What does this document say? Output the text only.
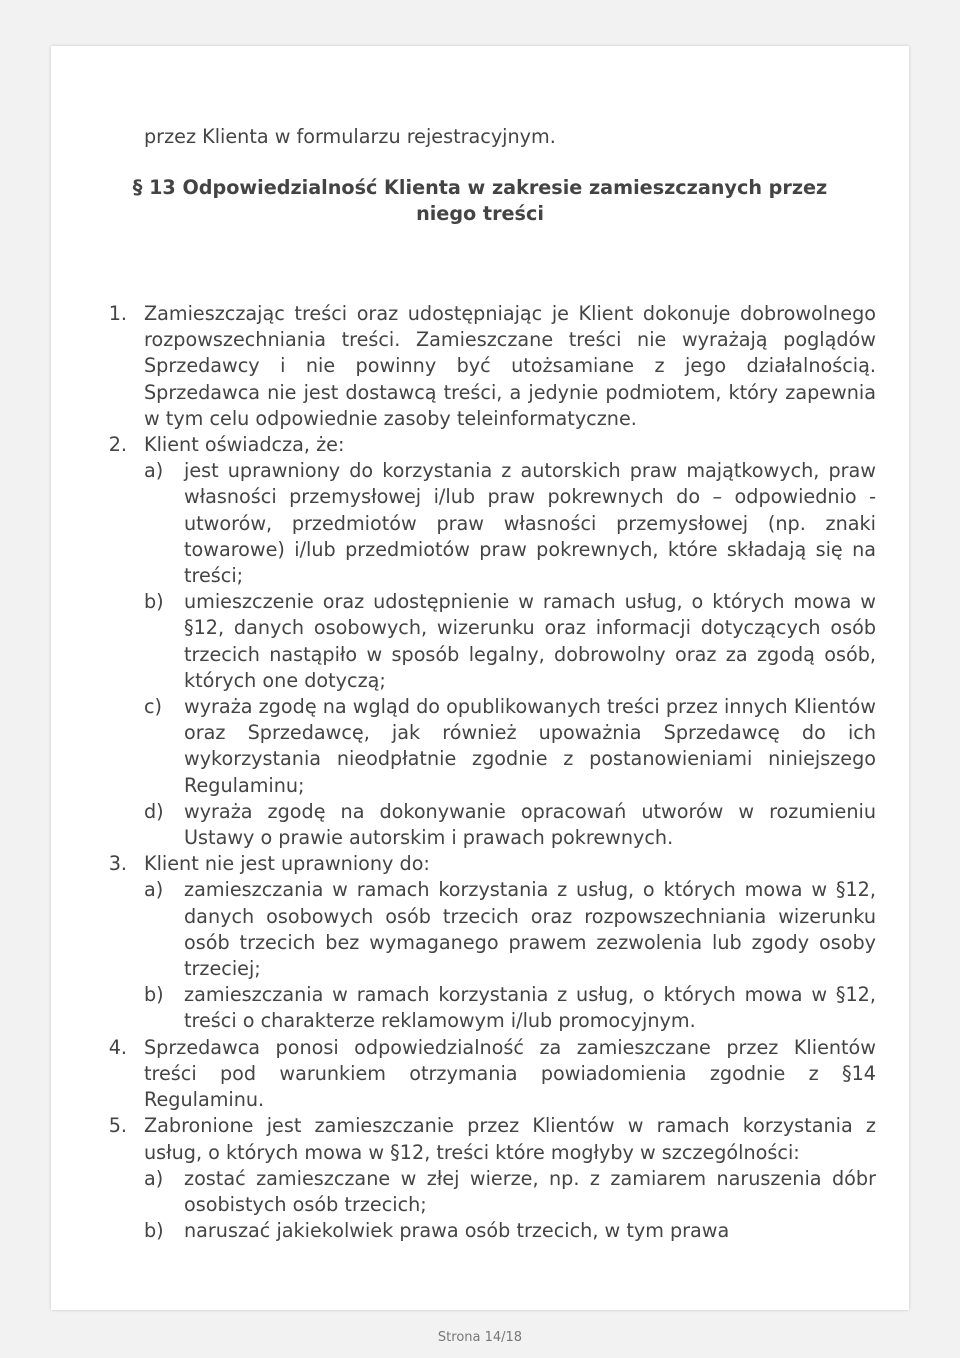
przez Klienta w formularzu rejestracyjnym.
§ 13 Odpowiedzialność Klienta w zakresie zamieszczanych przez
niego treści
1. Zamieszczając treści oraz udostępniając je Klient dokonuje dobrowolnego rozpowszechniania treści. Zamieszczane treści nie wyrażają poglądów Sprzedawcy i nie powinny być utożsamiane z jego działalnością. Sprzedawca nie jest dostawcą treści, a jedynie podmiotem, który zapewnia w tym celu odpowiednie zasoby teleinformatyczne.
2. Klient oświadcza, że:
a) jest uprawniony do korzystania z autorskich praw majątkowych, praw własności przemysłowej i/lub praw pokrewnych do – odpowiednio - utworów, przedmiotów praw własności przemysłowej (np. znaki towarowe) i/lub przedmiotów praw pokrewnych, które składają się na treści;
b) umieszczenie oraz udostępnienie w ramach usług, o których mowa w §12, danych osobowych, wizerunku oraz informacji dotyczących osób trzecich nastąpiło w sposób legalny, dobrowolny oraz za zgodą osób, których one dotyczą;
c) wyraża zgodę na wgląd do opublikowanych treści przez innych Klientów oraz Sprzedawcę, jak również upoważnia Sprzedawcę do ich wykorzystania nieodpłatnie zgodnie z postanowieniami niniejszego Regulaminu;
d) wyraża zgodę na dokonywanie opracowań utworów w rozumieniu Ustawy o prawie autorskim i prawach pokrewnych.
3. Klient nie jest uprawniony do:
a) zamieszczania w ramach korzystania z usług, o których mowa w §12, danych osobowych osób trzecich oraz rozpowszechniania wizerunku osób trzecich bez wymaganego prawem zezwolenia lub zgody osoby trzeciej;
b) zamieszczania w ramach korzystania z usług, o których mowa w §12, treści o charakterze reklamowym i/lub promocyjnym.
4. Sprzedawca ponosi odpowiedzialność za zamieszczane przez Klientów treści pod warunkiem otrzymania powiadomienia zgodnie z §14 Regulaminu.
5. Zabronione jest zamieszczanie przez Klientów w ramach korzystania z usług, o których mowa w §12, treści które mogłyby w szczególności:
a) zostać zamieszczane w złej wierze, np. z zamiarem naruszenia dóbr osobistych osób trzecich;
b) naruszać jakiekolwiek prawa osób trzecich, w tym prawa
Strona 14/18
